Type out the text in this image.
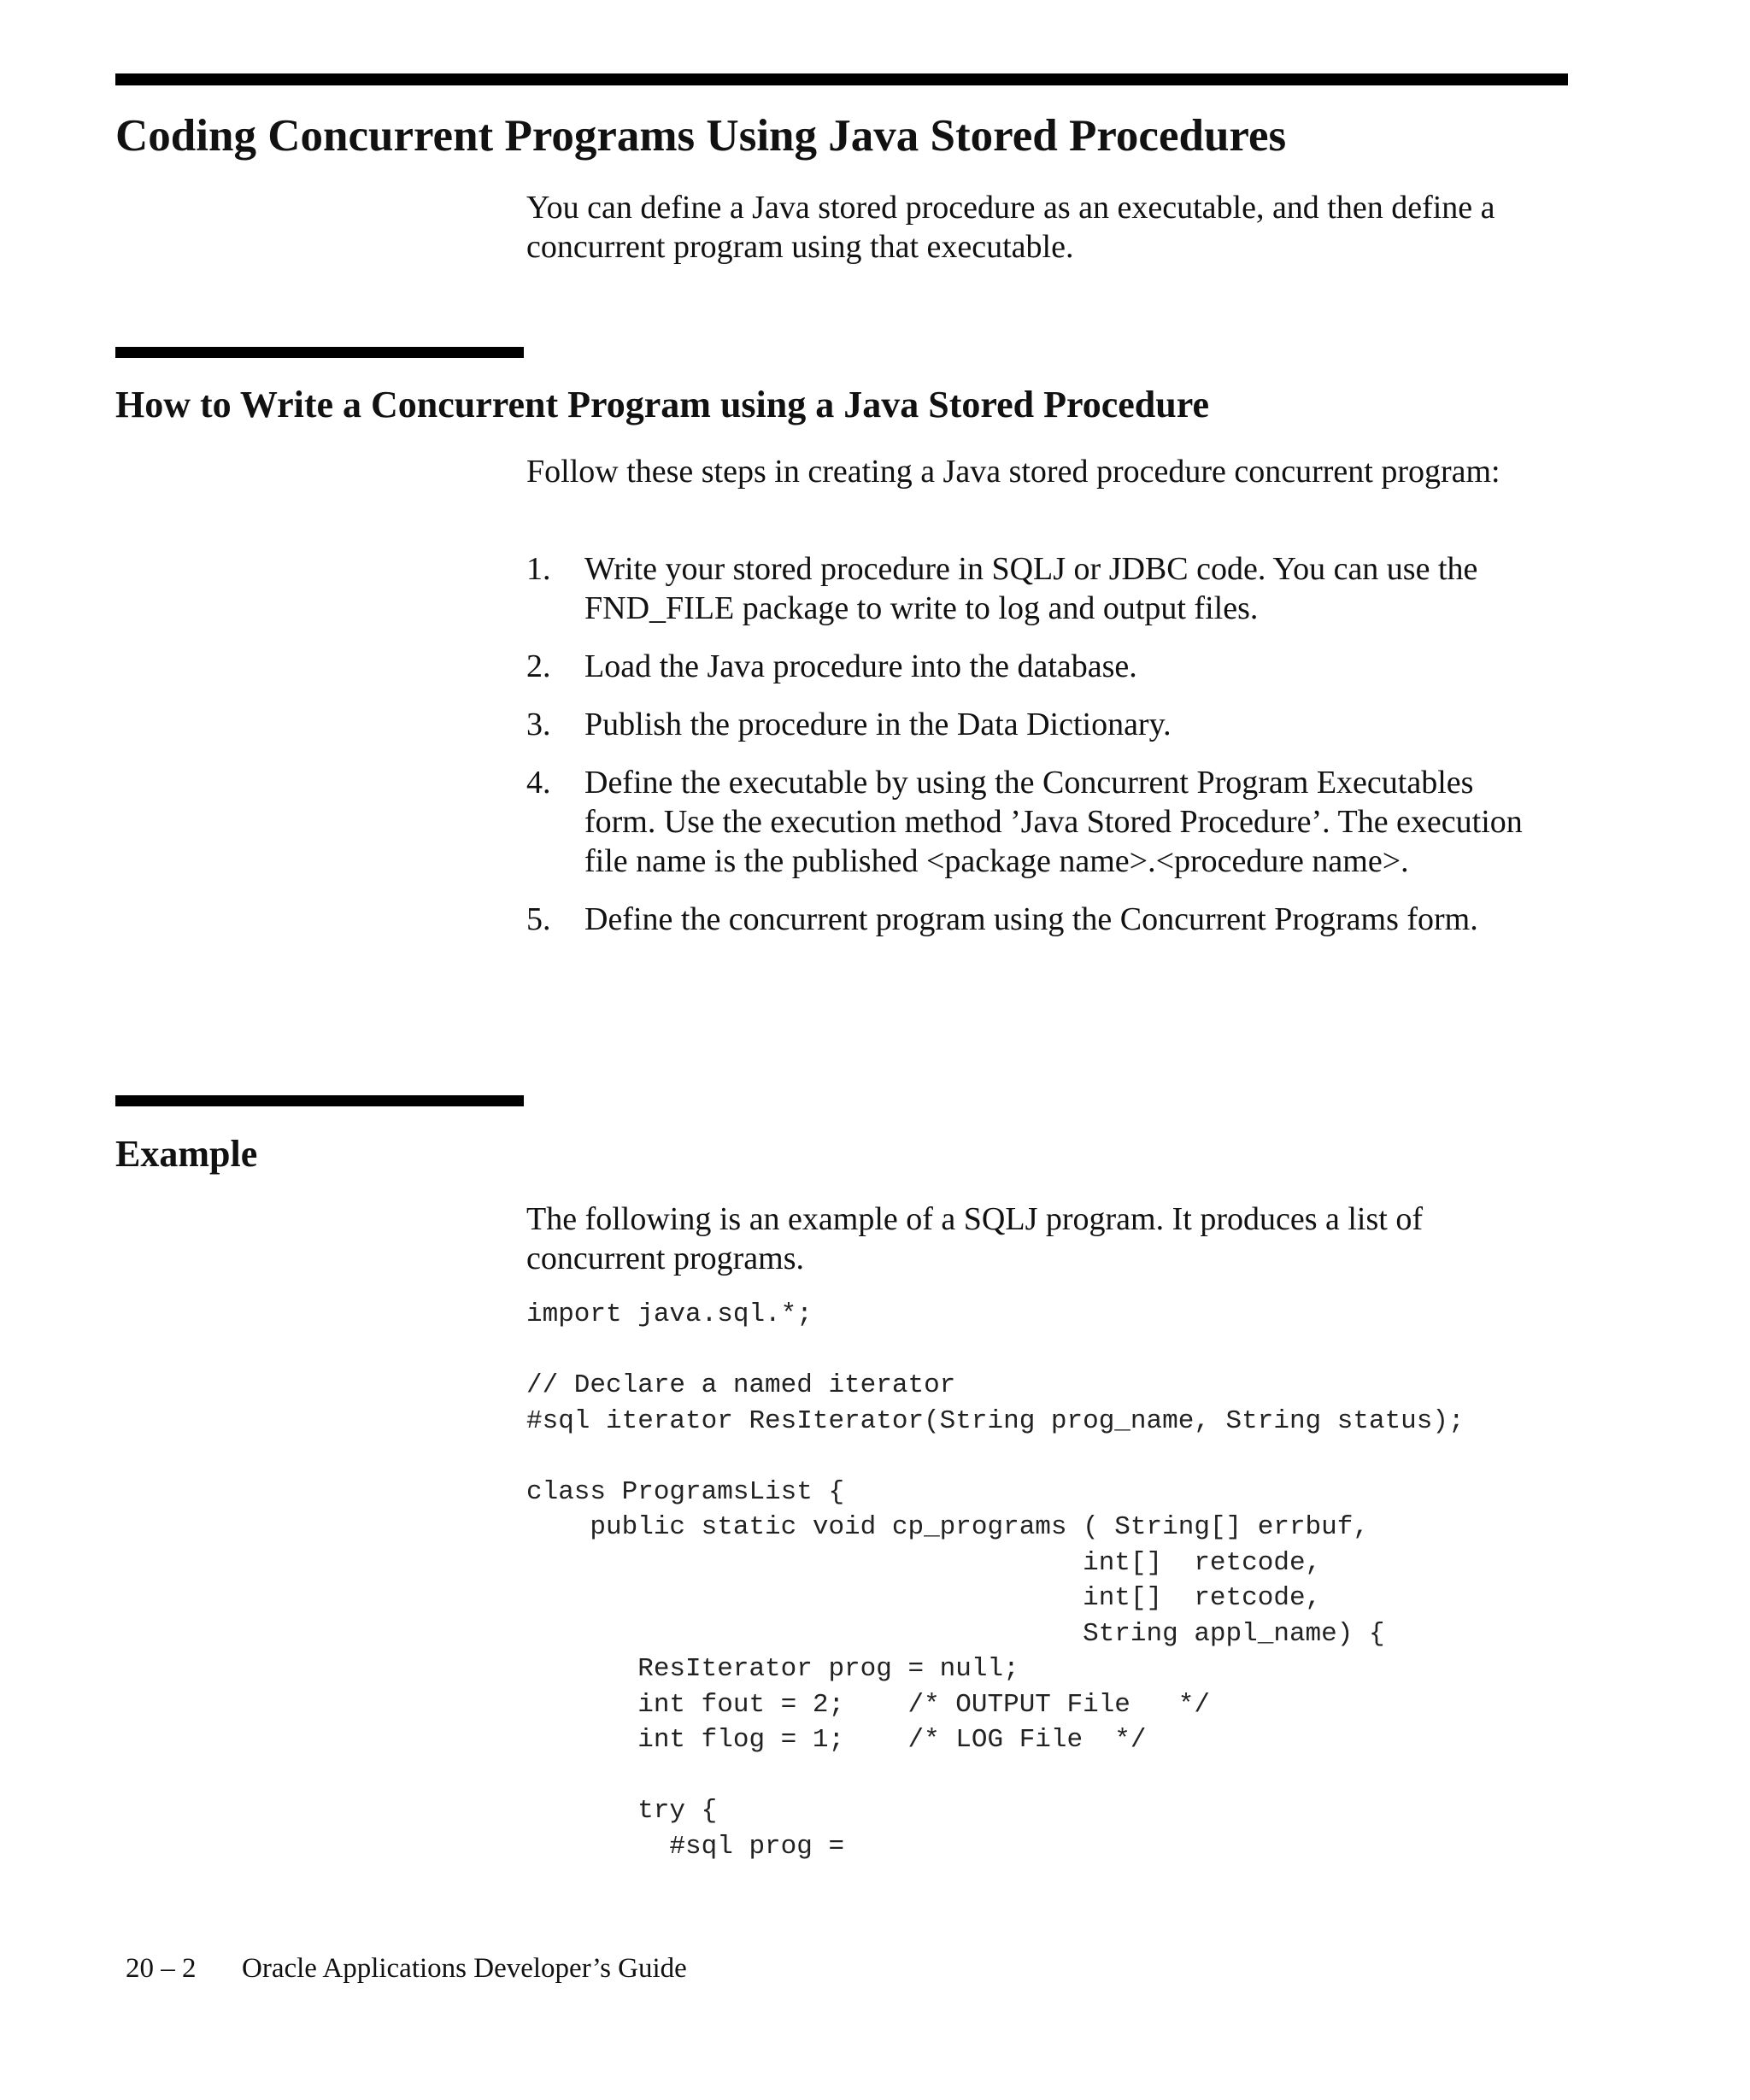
Coding Concurrent Programs Using Java Stored Procedures

You can define a Java stored procedure as an executable, and then define a concurrent program using that executable.

How to Write a Concurrent Program using a Java Stored Procedure

Follow these steps in creating a Java stored procedure concurrent program:

1. Write your stored procedure in SQLJ or JDBC code. You can use the FND_FILE package to write to log and output files.
2. Load the Java procedure into the database.
3. Publish the procedure in the Data Dictionary.
4. Define the executable by using the Concurrent Program Executables form. Use the execution method ’Java Stored Procedure’. The execution file name is the published <package name>.<procedure name>.
5. Define the concurrent program using the Concurrent Programs form.
Example

The following is an example of a SQLJ program. It produces a list of concurrent programs.

import java.sql.*;

// Declare a named iterator
#sql iterator ResIterator(String prog_name, String status);

class ProgramsList {
public static void cp_programs ( String[] errbuf,
int[]  retcode,
int[]  retcode,
String appl_name) {
ResIterator prog = null;
int fout = 2;    /* OUTPUT File   */
int flog = 1;    /* LOG File  */

try {
#sql prog =
20 – 2 Oracle Applications Developer’s Guide
